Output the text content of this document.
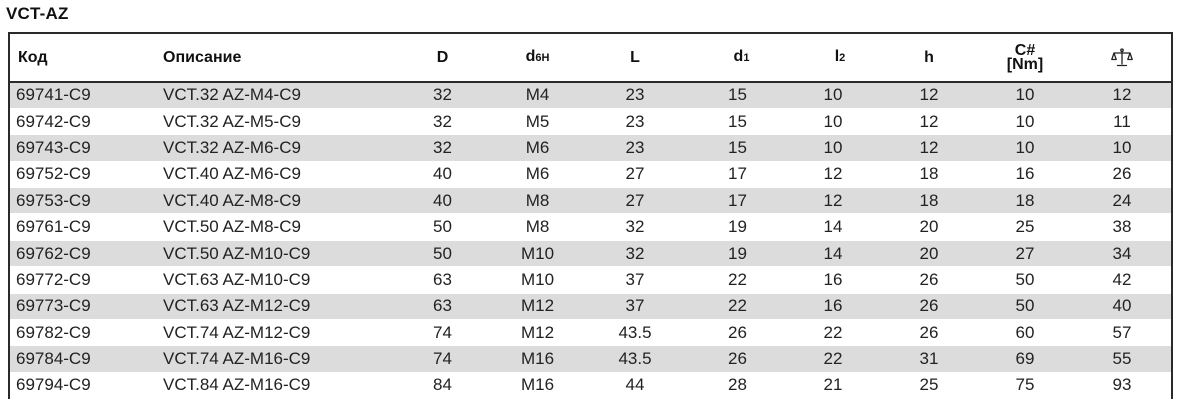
VCT-AZ
Код	Описание	D	d6H	L	d1	l2	h	C#
[Nm]

69741-C9	VCT.32 AZ-M4-C9	32	M4	23	15	10	12	10	12
69742-C9	VCT.32 AZ-M5-C9	32	M5	23	15	10	12	10	11
69743-C9	VCT.32 AZ-M6-C9	32	M6	23	15	10	12	10	10
69752-C9	VCT.40 AZ-M6-C9	40	M6	27	17	12	18	16	26
69753-C9	VCT.40 AZ-M8-C9	40	M8	27	17	12	18	18	24
69761-C9	VCT.50 AZ-M8-C9	50	M8	32	19	14	20	25	38
69762-C9	VCT.50 AZ-M10-C9	50	M10	32	19	14	20	27	34
69772-C9	VCT.63 AZ-M10-C9	63	M10	37	22	16	26	50	42
69773-C9	VCT.63 AZ-M12-C9	63	M12	37	22	16	26	50	40
69782-C9	VCT.74 AZ-M12-C9	74	M12	43.5	26	22	26	60	57
69784-C9	VCT.74 AZ-M16-C9	74	M16	43.5	26	22	31	69	55
69794-C9	VCT.84 AZ-M16-C9	84	M16	44	28	21	25	75	93
